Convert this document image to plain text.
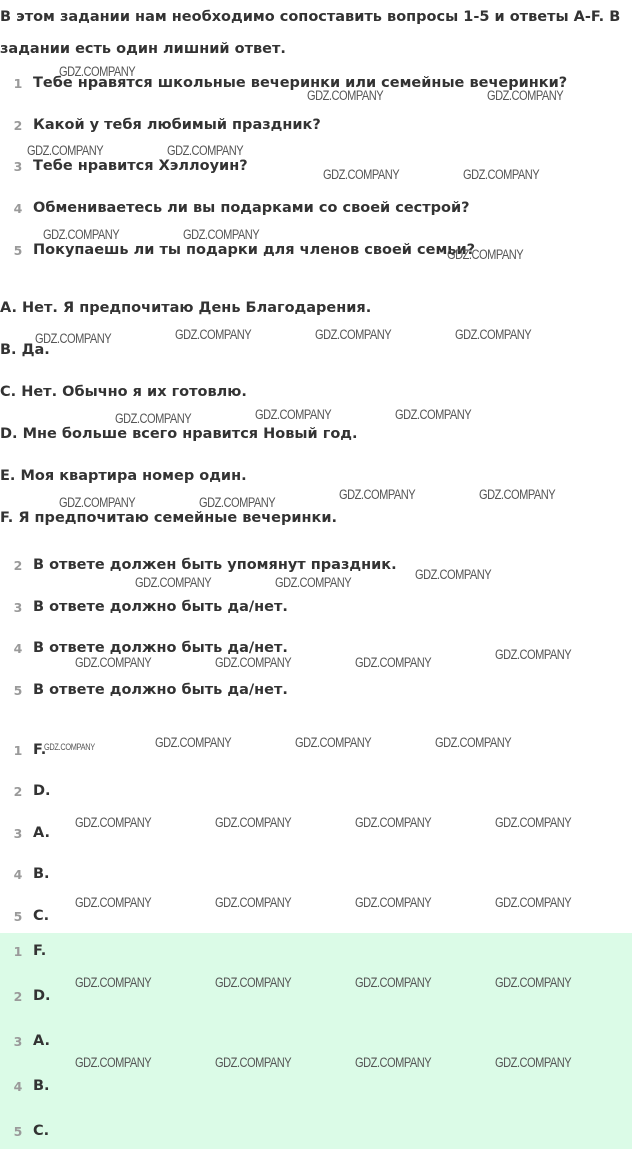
В этом задании нам необходимо сопоставить вопросы 1-5 и ответы A-F. В
задании есть один лишний ответ.
1 Тебе нравятся школьные вечеринки или семейные вечеринки?
2 Какой у тебя любимый праздник?
3 Тебе нравится Хэллоуин?
4 Обмениваетесь ли вы подарками со своей сестрой?
5 Покупаешь ли ты подарки для членов своей семьи?
A. Нет. Я предпочитаю День Благодарения.
B. Да.
C. Нет. Обычно я их готовлю.
D. Мне больше всего нравится Новый год.
E. Моя квартира номер один.
F. Я предпочитаю семейные вечеринки.
2 В ответе должен быть упомянут праздник.
3 В ответе должно быть да/нет.
4 В ответе должно быть да/нет.
5 В ответе должно быть да/нет.
1 F.
2 D.
3 A.
4 B.
5 C.
1 F.
2 D.
3 A.
4 B.
5 C.
GDZ.COMPANY
GDZ.COMPANY	GDZ.COMPANY
GDZ.COMPANY	GDZ.COMPANY
GDZ.COMPANY	GDZ.COMPANY
GDZ.COMPANY	GDZ.COMPANY
GDZ.COMPANY
GDZ.COMPANY	GDZ.COMPANY	GDZ.COMPANY	GDZ.COMPANY
GDZ.COMPANY	GDZ.COMPANY	GDZ.COMPANY
GDZ.COMPANY	GDZ.COMPANY
GDZ.COMPANY	GDZ.COMPANY
GDZ.COMPANY
GDZ.COMPANY	GDZ.COMPANY
GDZ.COMPANY	GDZ.COMPANY	GDZ.COMPANY
GDZ.COMPANY
GDZ.COMPANY	GDZ.COMPANY	GDZ.COMPANY	GDZ.COMPANY
GDZ.COMPANY	GDZ.COMPANY	GDZ.COMPANY	GDZ.COMPANY
GDZ.COMPANY	GDZ.COMPANY	GDZ.COMPANY	GDZ.COMPANY
GDZ.COMPANY	GDZ.COMPANY	GDZ.COMPANY	GDZ.COMPANY
GDZ.COMPANY	GDZ.COMPANY	GDZ.COMPANY	GDZ.COMPANY
